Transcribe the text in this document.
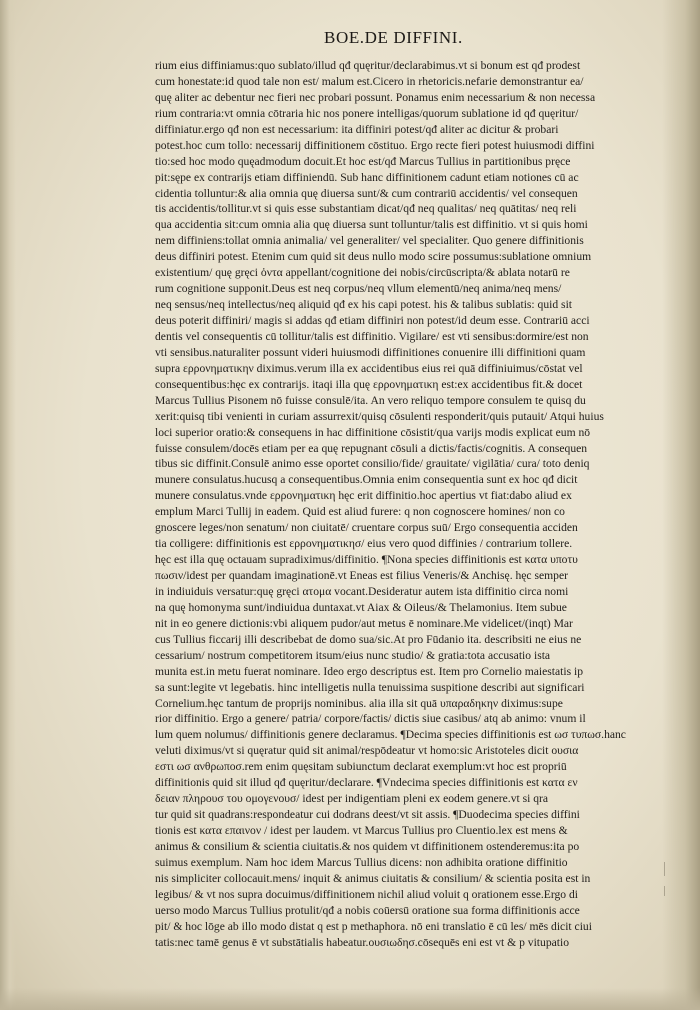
BOE.DE DIFFINI.
rium eius diffiniamus:quo sublato/illud qđ quęritur/declarabimus.vt si bonum est qđ prodest
cum honestate:id quod tale non est/ malum est.Cicero in rhetoricis.nefarie demonstrantur ea/
quę aliter ac debentur nec fieri nec probari possunt. Ponamus enim necessarium & non necessa
rium contraria:vt omnia cōtraria hic nos ponere intelligas/quorum sublatione id qđ quęritur/
diffiniatur.ergo qđ non est necessarium: ita diffiniri potest/qđ aliter ac dicitur & probari
potest.hoc cum tollo: necessarij diffinitionem cōstituo. Ergo recte fieri potest huiusmodi diffini
tio:sed hoc modo quęadmodum docuit.Et hoc est/qđ Marcus Tullius in partitionibus pręce
pit:sępe ex contrarijs etiam diffiniendū. Sub hanc diffinitionem cadunt etiam notiones cū ac
cidentia tolluntur:& alia omnia quę diuersa sunt/& cum contrariū accidentis/ vel consequen
tis accidentis/tollitur.vt si quis esse substantiam dicat/qđ neq qualitas/ neq quātitas/ neq reli
qua accidentia sit:cum omnia alia quę diuersa sunt tolluntur/talis est diffinitio. vt si quis homi
nem diffiniens:tollat omnia animalia/ vel generaliter/ vel specialiter. Quo genere diffinitionis
deus diffiniri potest. Etenim cum quid sit deus nullo modo scire possumus:sublatione omnium
existentium/ quę gręci ὀντα appellant/cognitione dei nobis/circūscripta/& ablata notarū re
rum cognitione supponit.Deus est neq corpus/neq vllum elementū/neq anima/neq mens/
neq sensus/neq intellectus/neq aliquid qđ ex his capi potest. his & talibus sublatis: quid sit
deus poterit diffiniri/ magis si addas qđ etiam diffiniri non potest/id deum esse. Contrariū acci
dentis vel consequentis cū tollitur/talis est diffinitio. Vigilare/ est vti sensibus:dormire/est non
vti sensibus.naturaliter possunt videri huiusmodi diffinitiones conuenire illi diffinitioni quam
supra ερρονηματικην diximus.verum illa ex accidentibus eius rei quā diffiniuimus/cōstat vel
consequentibus:hęc ex contrarijs. itaqi illa quę ερρονηματικη est:ex accidentibus fit.& docet
Marcus Tullius Pisonem nō fuisse consulē/ita. An vero reliquo tempore consulem te quisq du
xerit:quisq tibi venienti in curiam assurrexit/quisq cōsulenti responderit/quis putauit/ Atqui huius
loci superior oratio:& consequens in hac diffinitione cōsistit/qua varijs modis explicat eum nō
fuisse consulem/docēs etiam per ea quę repugnant cōsuli a dictis/factis/cognitis. A consequen
tibus sic diffinit.Consulē animo esse oportet consilio/fide/ grauitate/ vigilātia/ cura/ toto deniq
munere consulatus.hucusq a consequentibus.Omnia enim consequentia sunt ex hoc qđ dicit
munere consulatus.vnde ερρονηματικη hęc erit diffinitio.hoc apertius vt fiat:dabo aliud ex
emplum Marci Tullij in eadem. Quid est aliud furere: q non cognoscere homines/ non co
gnoscere leges/non senatum/ non ciuitatē/ cruentare corpus suū/ Ergo consequentia acciden
tia colligere: diffinitionis est ερρονηματικησ/ eius vero quod diffinies / contrarium tollere.
hęc est illa quę octauam supradiximus/diffinitio. ¶Nona species diffinitionis est κατα υποτυ
πωσιν/idest per quandam imaginationē.vt Eneas est filius Veneris/& Anchisę. hęc semper
in indiuiduis versatur:quę gręci ατομα vocant.Desideratur autem ista diffinitio circa nomi
na quę homonyma sunt/indiuidua duntaxat.vt Aiax & Oileus/& Thelamonius. Item subue
nit in eo genere dictionis:vbi aliquem pudor/aut metus ē nominare.Me videlicet/(inqt) Mar
cus Tullius ficcarij illi describebat de domo sua/sic.At pro Fūdanio ita. describsiti ne eius ne
cessarium/ nostrum competitorem itsum/eius nunc studio/ & gratia:tota accusatio ista
munita est.in metu fuerat nominare. Ideo ergo descriptus est. Item pro Cornelio maiestatis ip
sa sunt:legite vt legebatis. hinc intelligetis nulla tenuissima suspitione describi aut significari
Cornelium.hęc tantum de proprijs nominibus. alia illa sit quā υπαραδηκην diximus:supe
rior diffinitio. Ergo a genere/ patria/ corpore/factis/ dictis siue casibus/ atq ab animo: vnum il
lum quem nolumus/ diffinitionis genere declaramus. ¶Decima species diffinitionis est ωσ τυπωσ.hanc
veluti diximus/vt si quęratur quid sit animal/respōdeatur vt homo:sic Aristoteles dicit ουσια
εστι ωσ ανθρωποσ.rem enim quęsitam subiunctum declarat exemplum:vt hoc est propriū
diffinitionis quid sit illud qđ quęritur/declarare. ¶Vndecima species diffinitionis est κατα εν
δειαν πληρουσ του ομογενουσ/ idest per indigentiam pleni ex eodem genere.vt si qra
tur quid sit quadrans:respondeatur cui dodrans deest/vt sit assis. ¶Duodecima species diffini
tionis est κατα επαινον / idest per laudem. vt Marcus Tullius pro Cluentio.lex est mens &
animus & consilium & scientia ciuitatis.& nos quidem vt diffinitionem ostenderemus:ita po
suimus exemplum. Nam hoc idem Marcus Tullius dicens: non adhibita oratione diffinitio
nis simpliciter collocauit.mens/ inquit & animus ciuitatis & consilium/ & scientia posita est in
legibus/ & vt nos supra docuimus/diffinitionem nichil aliud voluit q orationem esse.Ergo di
uerso modo Marcus Tullius protulit/qđ a nobis coūersū oratione sua forma diffinitionis acce
pit/ & hoc lōge ab illo modo distat q est p methaphora. nō eni translatio ē cū les/ mēs dicit ciui
tatis:nec tamē genus ē vt substātialis habeatur.ουσιωδησ.cōsequēs eni est vt & p vitupatio
